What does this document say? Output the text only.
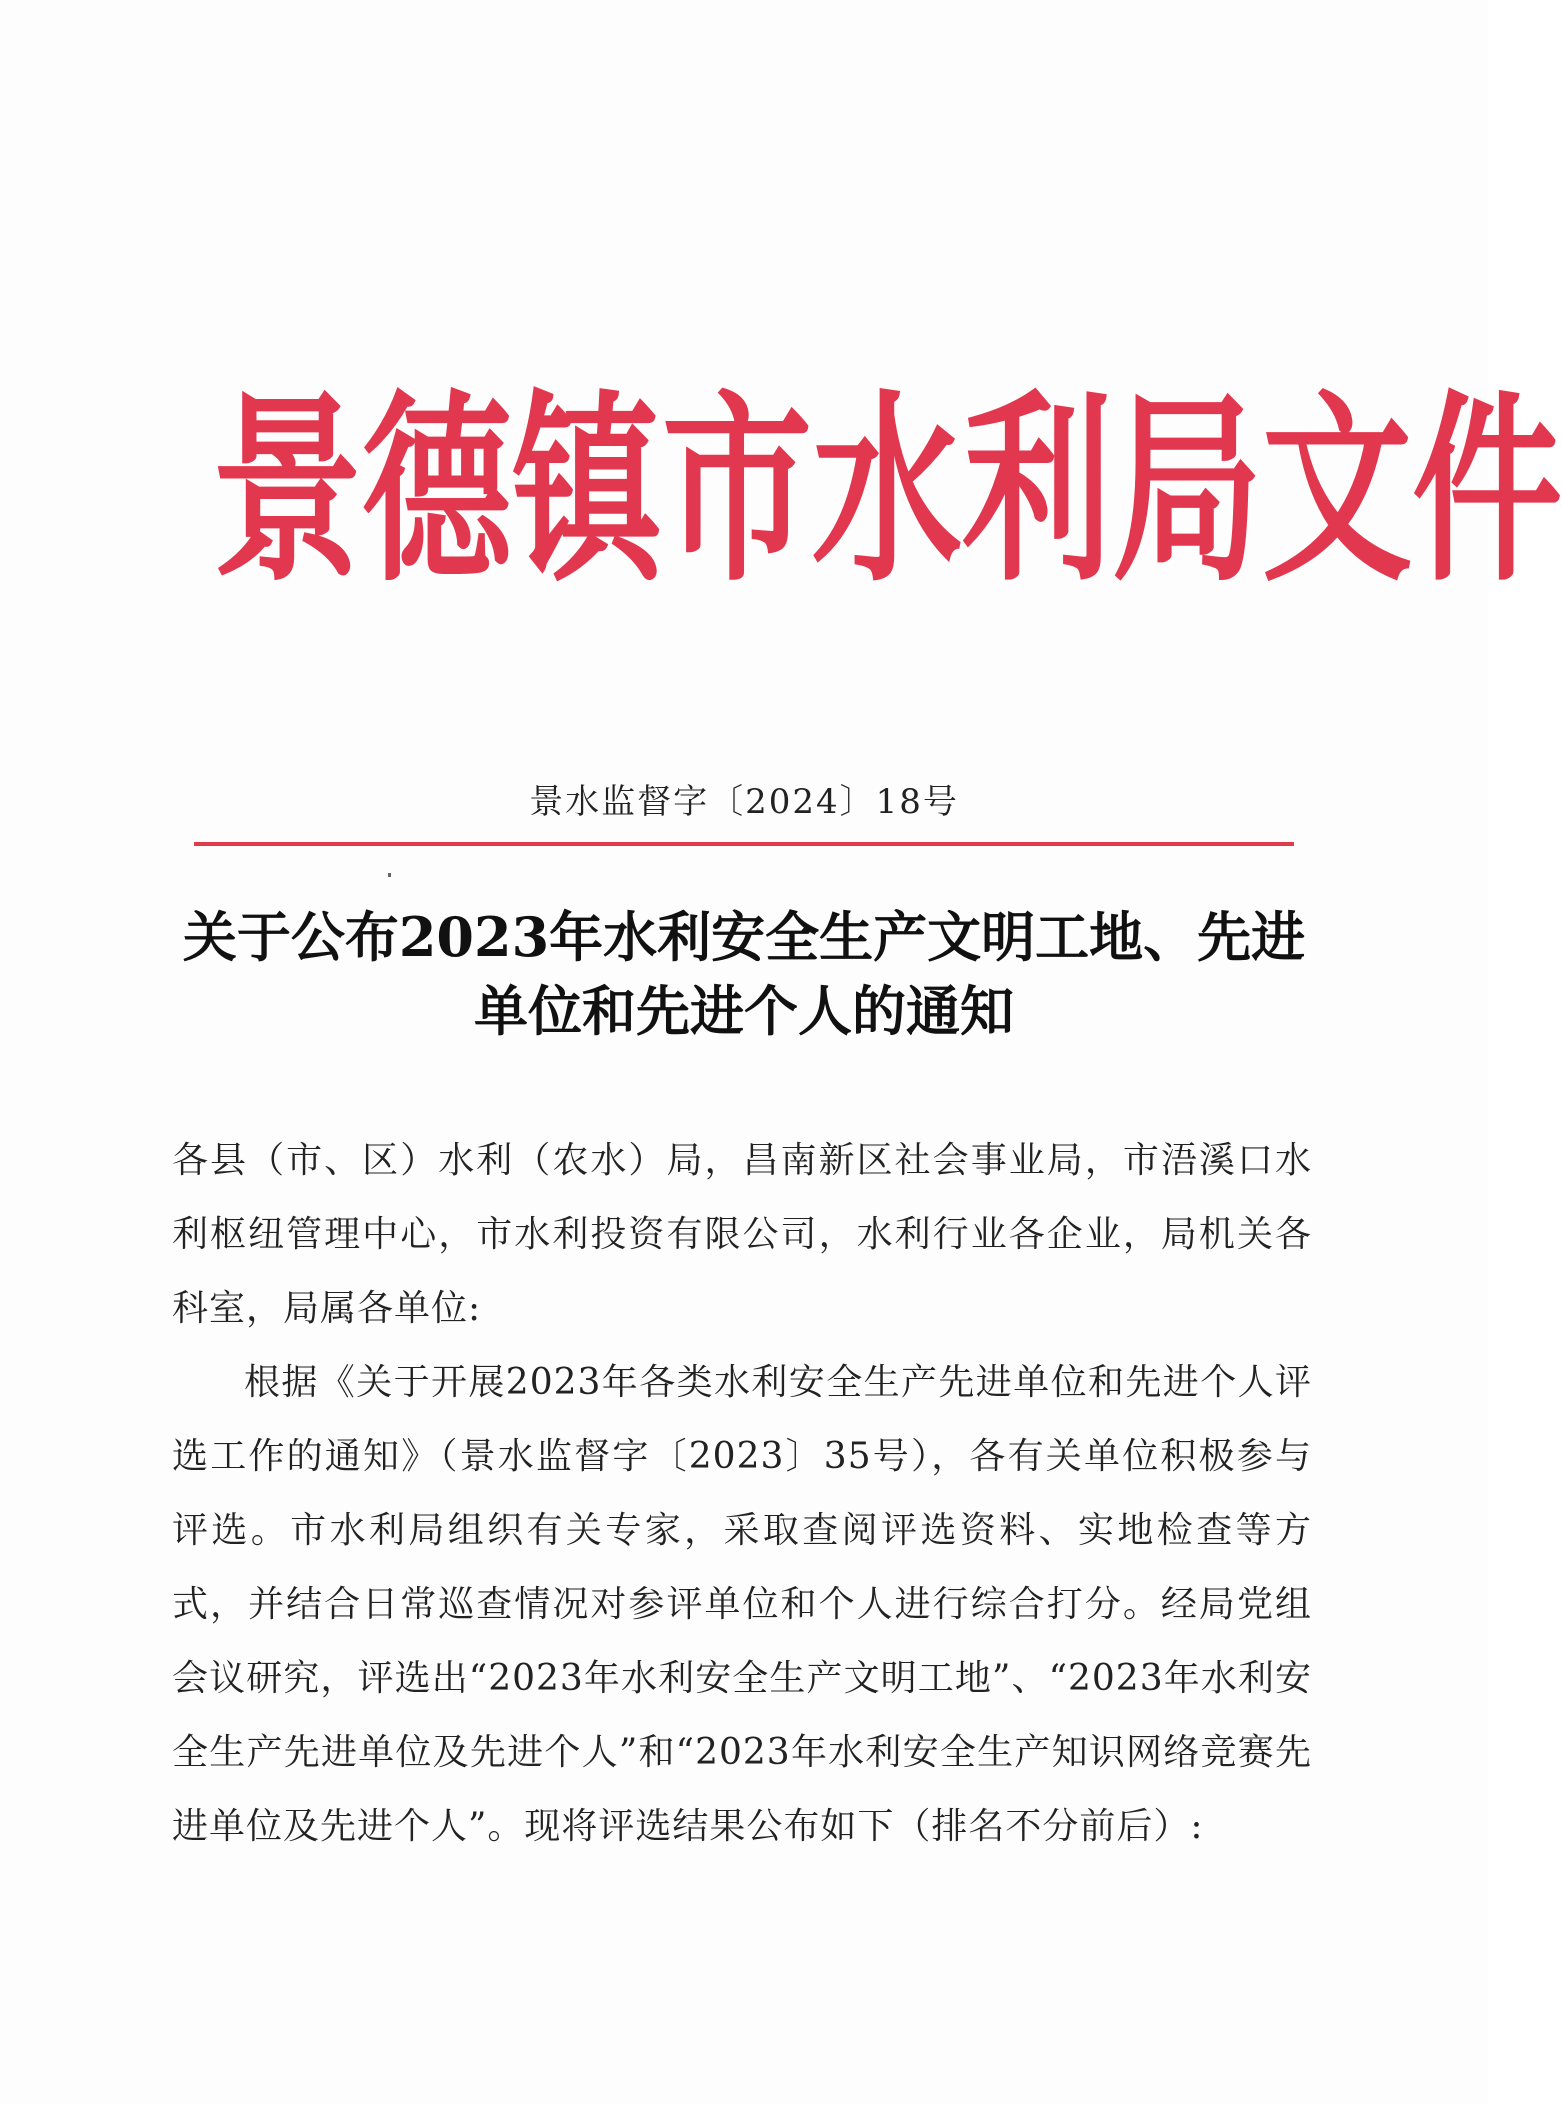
景 德 镇 市 水 利 局 文 件
景水监督字〔2024〕18号
关于公布2023年水利安全生产文明工地、先进
单位和先进个人的通知

各县（市、区）水利（农水）局，昌南新区社会事业局，市浯溪口水利枢纽管理中心，市水利投资有限公司，水利行业各企业，局机关各科室，局属各单位:

根据《关于开展2023年各类水利安全生产先进单位和先进个人评选工作的通知》（景水监督字〔2023〕35号），各有关单位积极参与评选。市水利局组织有关专家，采取查阅评选资料、实地检查等方式，并结合日常巡查情况对参评单位和个人进行综合打分。经局党组会议研究，评选出“2023年水利安全生产文明工地”、“2023年水利安全生产先进单位及先进个人”和“2023年水利安全生产知识网络竞赛先进单位及先进个人”。现将评选结果公布如下（排名不分前后）:
